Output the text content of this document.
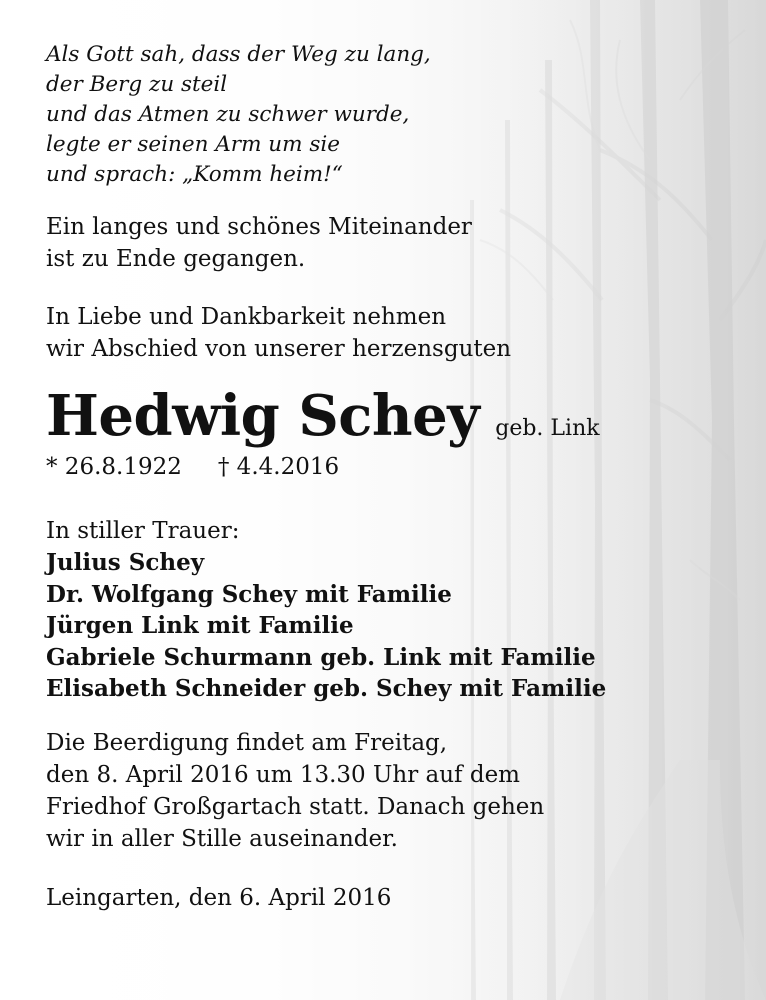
Als Gott sah, dass der Weg zu lang,
der Berg zu steil
und das Atmen zu schwer wurde,
legte er seinen Arm um sie
und sprach: „Komm heim!“
Ein langes und schönes Miteinander
ist zu Ende gegangen.
In Liebe und Dankbarkeit nehmen
wir Abschied von unserer herzensguten
Hedwig Schey geb. Link
* 26.8.1922 † 4.4.2016
In stiller Trauer:
Julius Schey
Dr. Wolfgang Schey mit Familie
Jürgen Link mit Familie
Gabriele Schurmann geb. Link mit Familie
Elisabeth Schneider geb. Schey mit Familie
Die Beerdigung findet am Freitag,
den 8. April 2016 um 13.30 Uhr auf dem
Friedhof Großgartach statt. Danach gehen
wir in aller Stille auseinander.
Leingarten, den 6. April 2016
